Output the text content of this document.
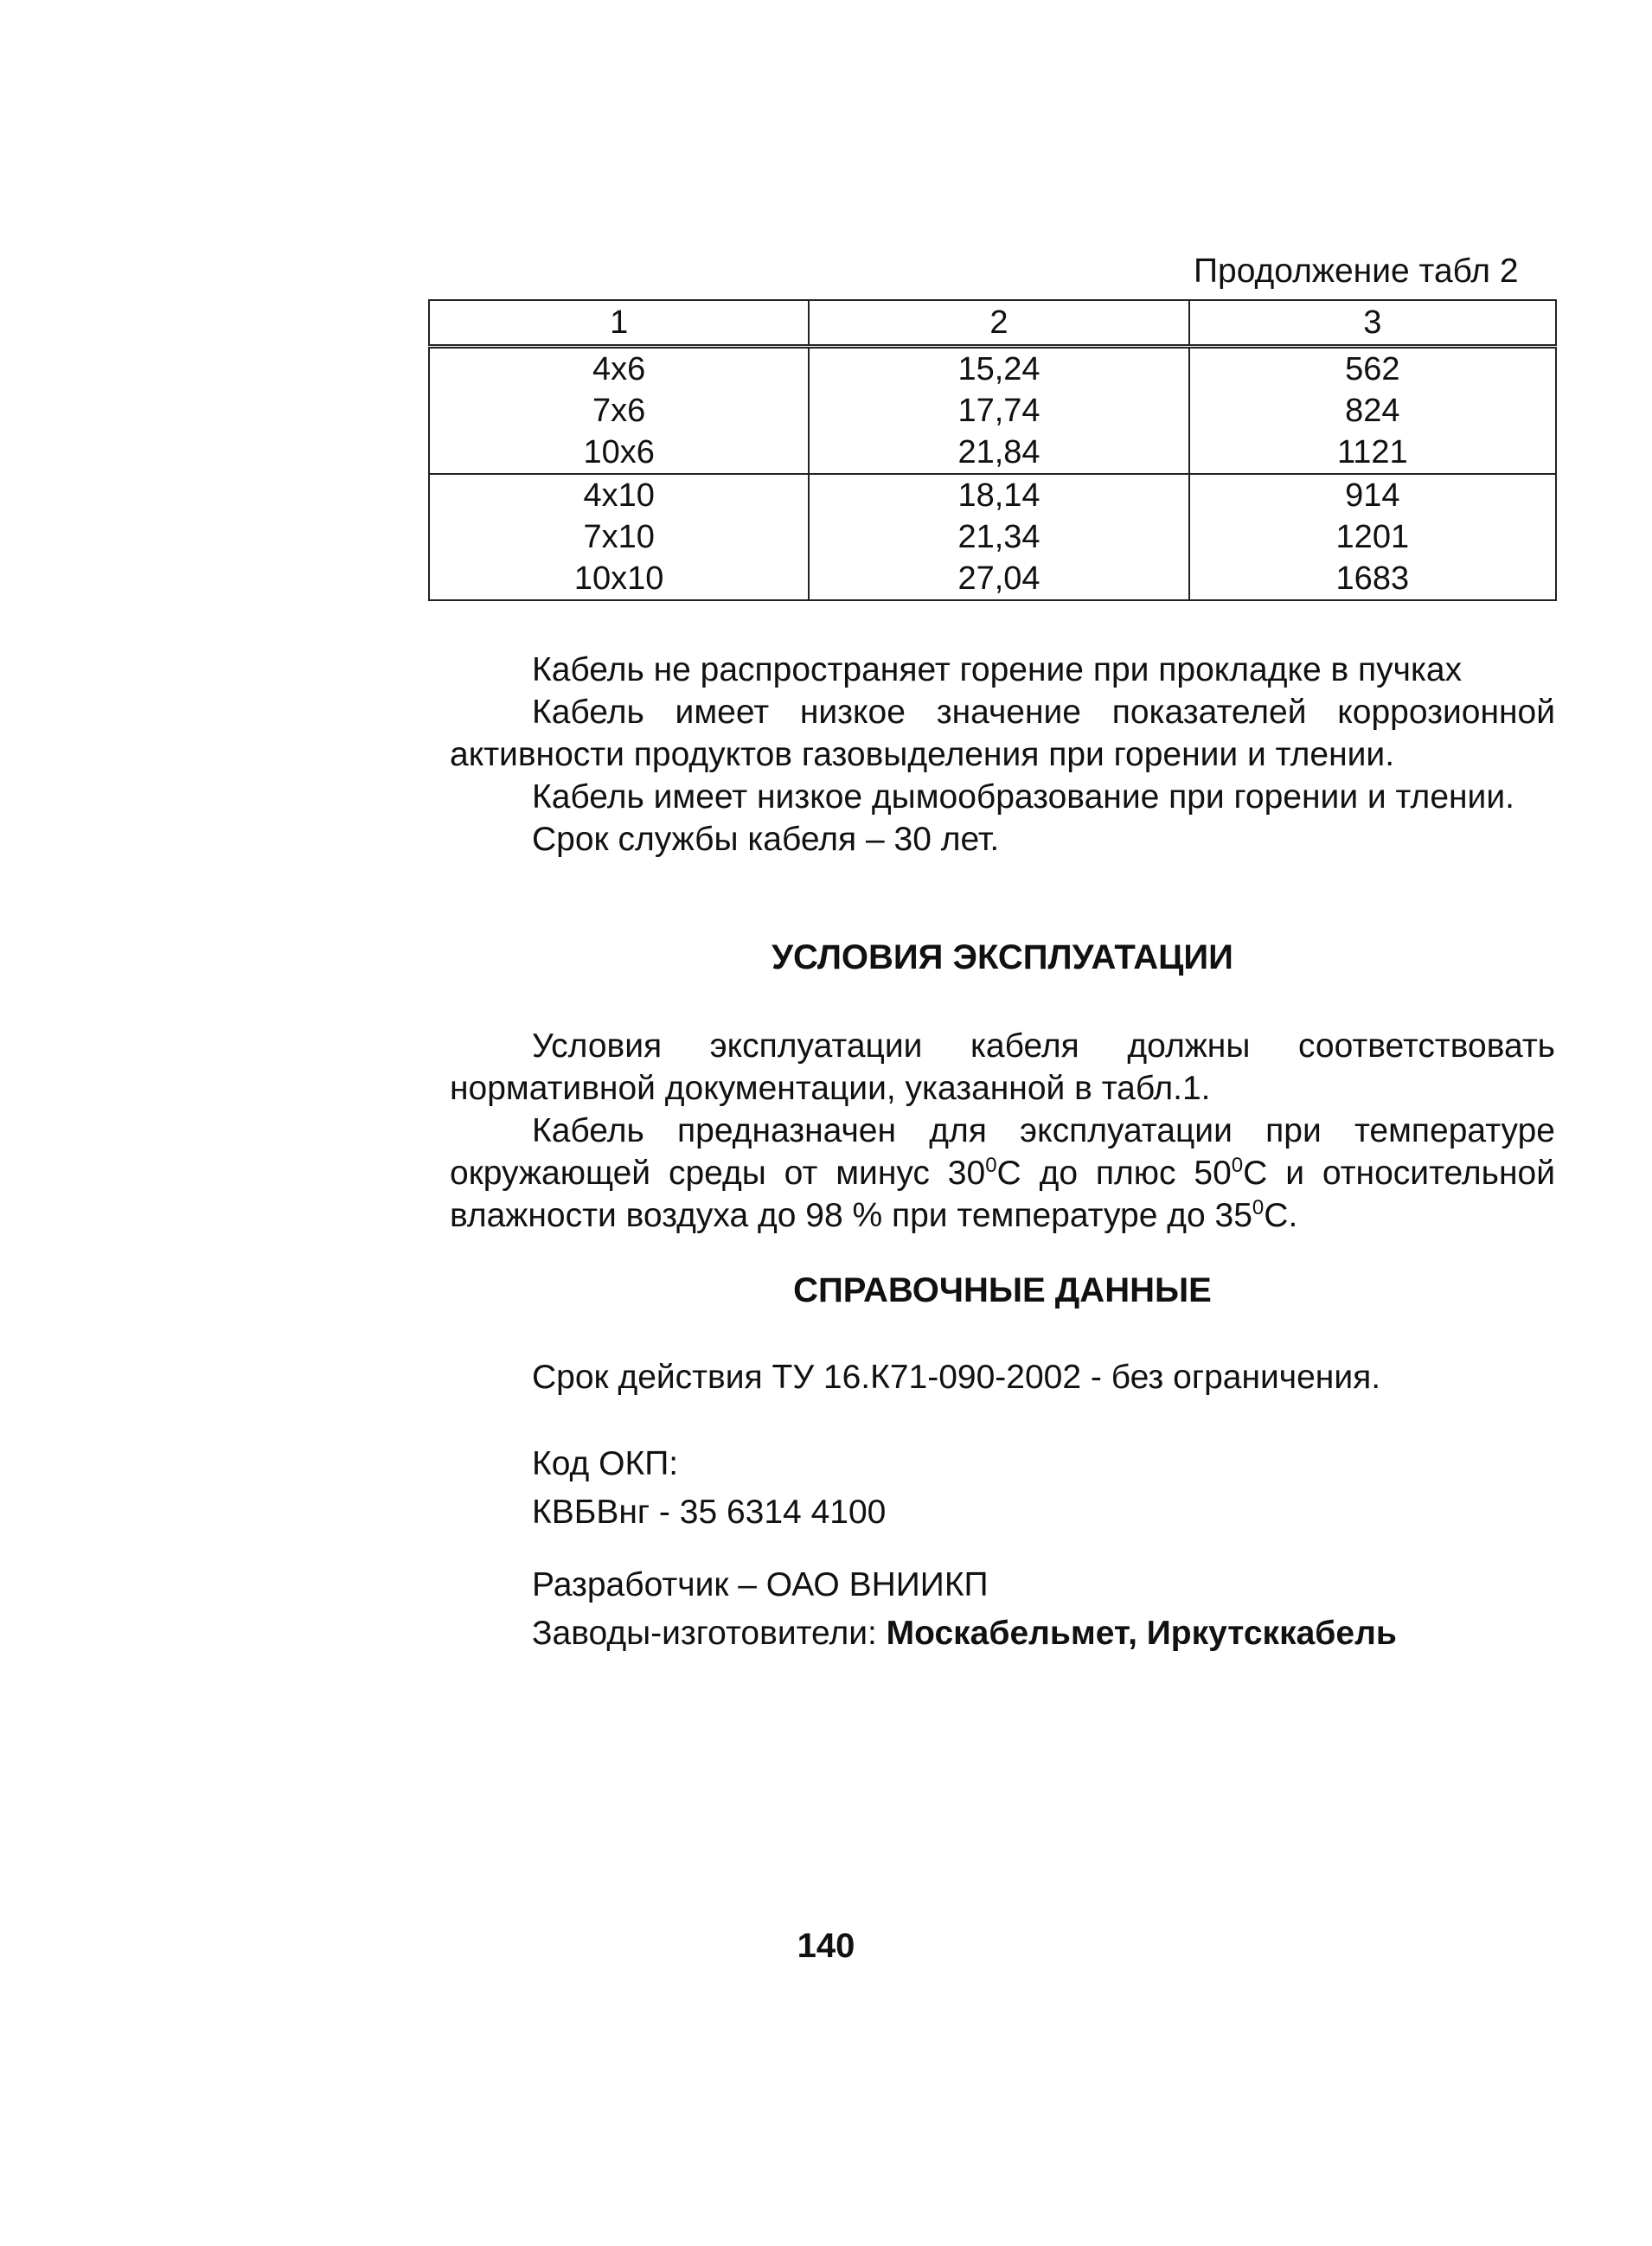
Продолжение табл 2
1	2	3
4x6	15,24	562
7x6	17,74	824
10x6	21,84	1121
4x10	18,14	914
7x10	21,34	1201
10x10	27,04	1683

Кабель не распространяет горение при прокладке в пучках

Кабель имеет низкое значение показателей коррозионной активности продуктов газовыделения при горении и тлении.

Кабель имеет низкое дымообразование при горении и тлении.

Срок службы кабеля – 30 лет.

УСЛОВИЯ ЭКСПЛУАТАЦИИ

Условия эксплуатации кабеля должны соответствовать нормативной документации, указанной в табл.1.

Кабель предназначен для эксплуатации при температуре окружающей среды от минус $30^0С$ до плюс $50^0С$ и относительной влажности воздуха до 98 % при температуре до $35^0С$.

СПРАВОЧНЫЕ ДАННЫЕ
Срок действия ТУ 16.К71-090-2002 - без ограничения.
Код ОКП:
КВБВнг - 35 6314 4100
Разработчик – ОАО ВНИИКП
Заводы-изготовители: Москабельмет, Иркутсккабель
140
